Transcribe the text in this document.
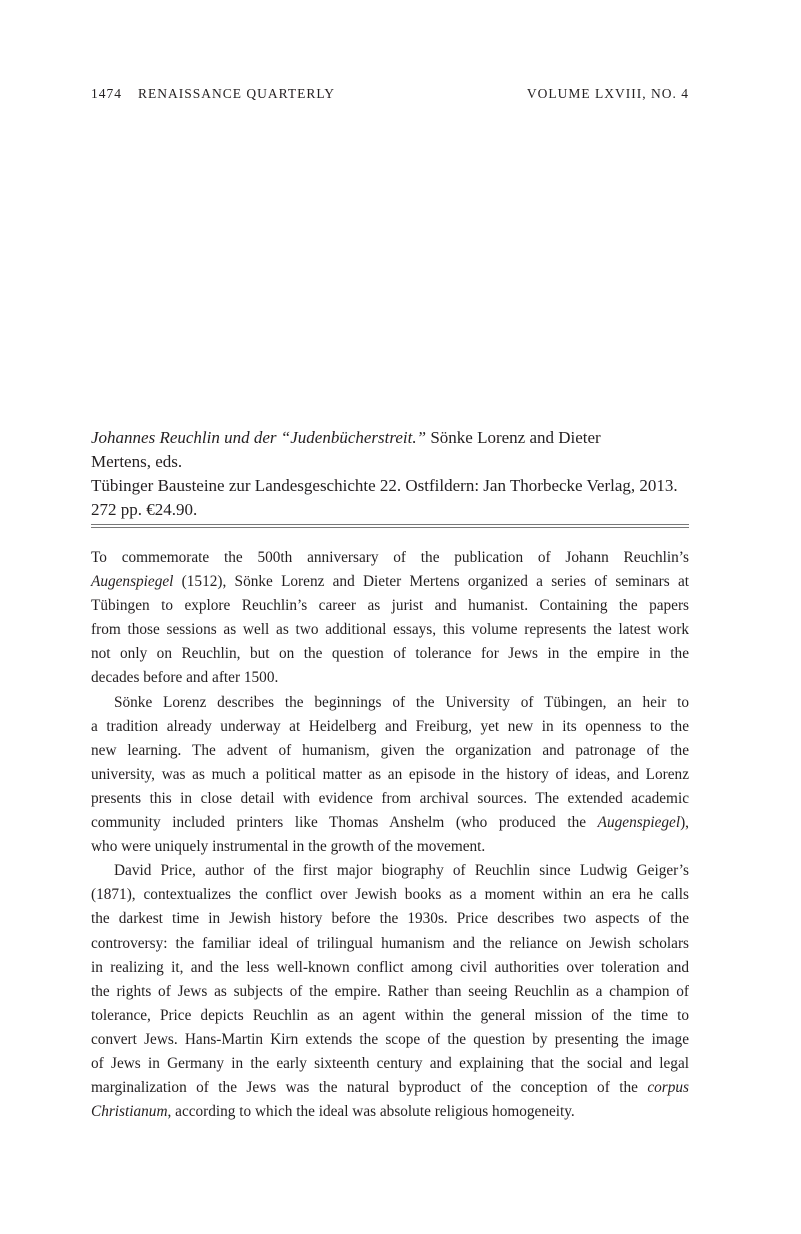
1474 RENAISSANCE QUARTERLY	VOLUME LXVIII, NO. 4
Johannes Reuchlin und der “Judenbücherstreit.” Sönke Lorenz and Dieter
Mertens, eds.
Tübinger Bausteine zur Landesgeschichte 22. Ostfildern: Jan Thorbecke Verlag, 2013.
272 pp. €24.90.
To commemorate the 500th anniversary of the publication of Johann Reuchlin’s
Augenspiegel (1512), Sönke Lorenz and Dieter Mertens organized a series of seminars at
Tübingen to explore Reuchlin’s career as jurist and humanist. Containing the papers
from those sessions as well as two additional essays, this volume represents the latest work
not only on Reuchlin, but on the question of tolerance for Jews in the empire in the
decades before and after 1500.
Sönke Lorenz describes the beginnings of the University of Tübingen, an heir to
a tradition already underway at Heidelberg and Freiburg, yet new in its openness to the
new learning. The advent of humanism, given the organization and patronage of the
university, was as much a political matter as an episode in the history of ideas, and Lorenz
presents this in close detail with evidence from archival sources. The extended academic
community included printers like Thomas Anshelm (who produced the Augenspiegel),
who were uniquely instrumental in the growth of the movement.
David Price, author of the first major biography of Reuchlin since Ludwig Geiger’s
(1871), contextualizes the conflict over Jewish books as a moment within an era he calls
the darkest time in Jewish history before the 1930s. Price describes two aspects of the
controversy: the familiar ideal of trilingual humanism and the reliance on Jewish scholars
in realizing it, and the less well-known conflict among civil authorities over toleration and
the rights of Jews as subjects of the empire. Rather than seeing Reuchlin as a champion of
tolerance, Price depicts Reuchlin as an agent within the general mission of the time to
convert Jews. Hans-Martin Kirn extends the scope of the question by presenting the image
of Jews in Germany in the early sixteenth century and explaining that the social and legal
marginalization of the Jews was the natural byproduct of the conception of the corpus
Christianum, according to which the ideal was absolute religious homogeneity.
